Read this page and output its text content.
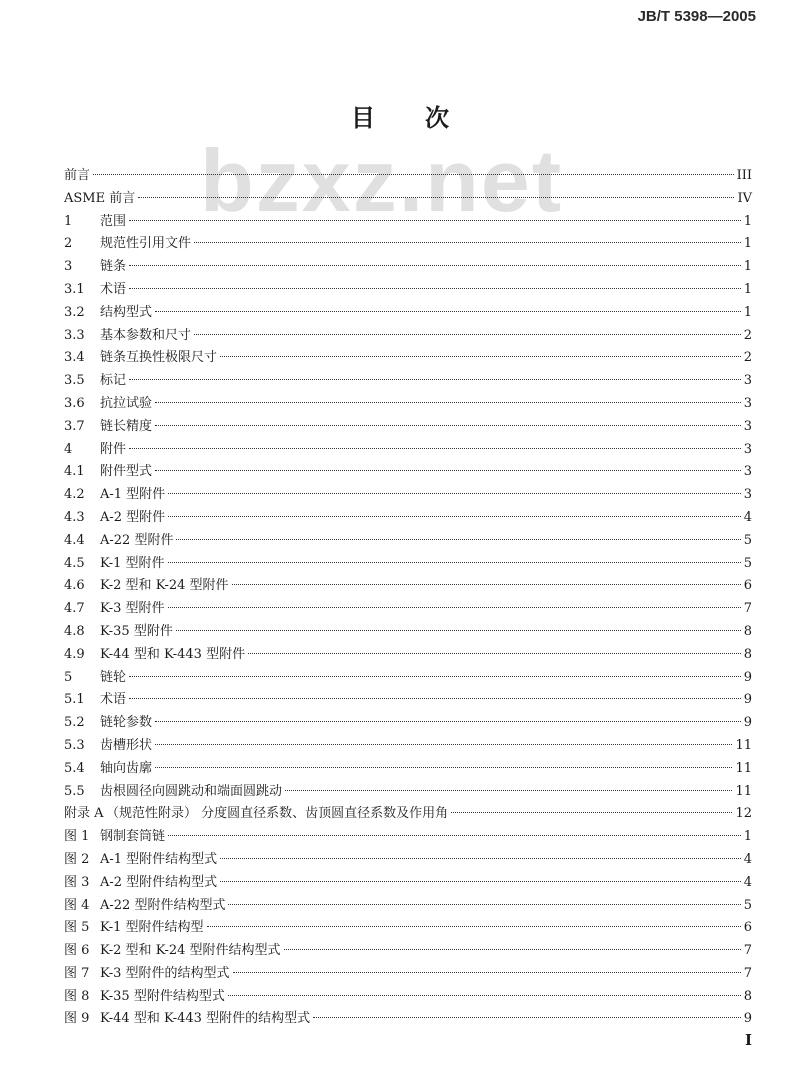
JB/T 5398—2005
bzxz.net
目次
前言	III
ASME 前言	IV
1	范围	1
2	规范性引用文件	1
3	链条	1
3.1	术语	1
3.2	结构型式	1
3.3	基本参数和尺寸	2
3.4	链条互换性极限尺寸	2
3.5	标记	3
3.6	抗拉试验	3
3.7	链长精度	3
4	附件	3
4.1	附件型式	3
4.2	A-1 型附件	3
4.3	A-2 型附件	4
4.4	A-22 型附件	5
4.5	K-1 型附件	5
4.6	K-2 型和 K-24 型附件	6
4.7	K-3 型附件	7
4.8	K-35 型附件	8
4.9	K-44 型和 K-443 型附件	8
5	链轮	9
5.1	术语	9
5.2	链轮参数	9
5.3	齿槽形状	11
5.4	轴向齿廓	11
5.5	齿根圆径向圆跳动和端面圆跳动	11
附录 A （规范性附录） 分度圆直径系数、齿顶圆直径系数及作用角	12
图 1 钢制套筒链	1
图 2 A-1 型附件结构型式	4
图 3 A-2 型附件结构型式	4
图 4 A-22 型附件结构型式	5
图 5 K-1 型附件结构型	6
图 6 K-2 型和 K-24 型附件结构型式	7
图 7 K-3 型附件的结构型式	7
图 8 K-35 型附件结构型式	8
图 9 K-44 型和 K-443 型附件的结构型式	9
I
